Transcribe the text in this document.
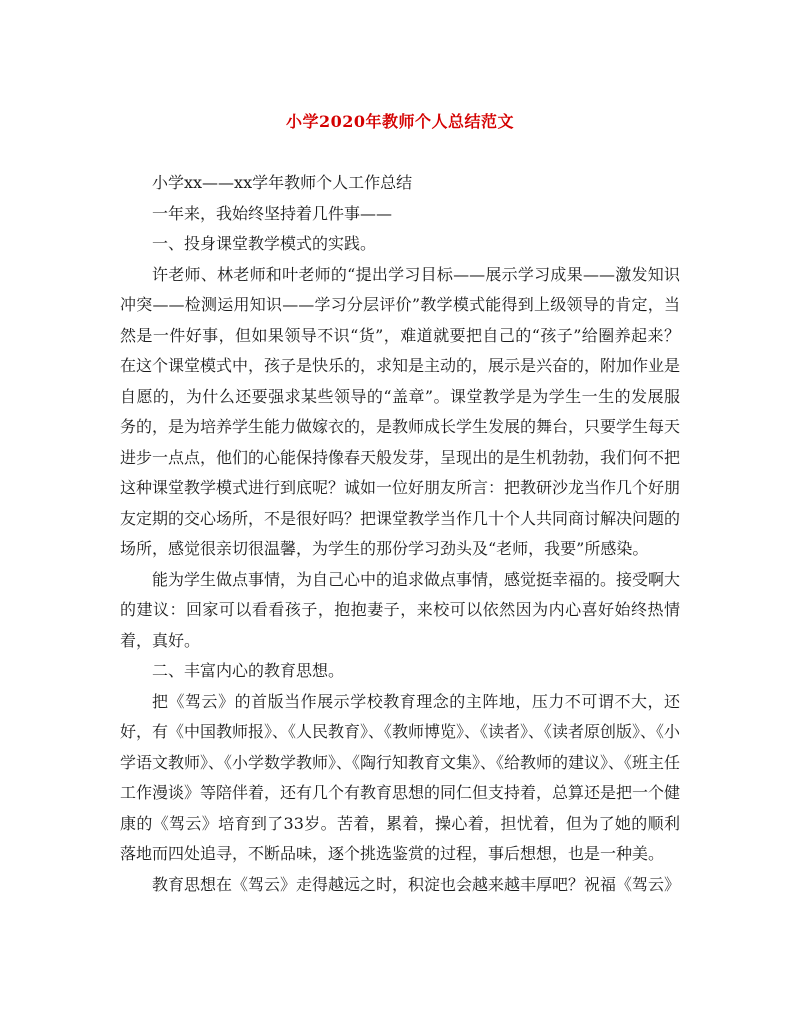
小学2020年教师个人总结范文

小学xx——xx学年教师个人工作总结

一年来，我始终坚持着几件事——

一、投身课堂教学模式的实践。

许老师、林老师和叶老师的“提出学习目标——展示学习成果——激发知识冲突——检测运用知识——学习分层评价”教学模式能得到上级领导的肯定，当然是一件好事，但如果领导不识“货”，难道就要把自己的“孩子”给圈养起来？在这个课堂模式中，孩子是快乐的，求知是主动的，展示是兴奋的，附加作业是自愿的，为什么还要强求某些领导的“盖章”。课堂教学是为学生一生的发展服务的，是为培养学生能力做嫁衣的，是教师成长学生发展的舞台，只要学生每天进步一点点，他们的心能保持像春天般发芽，呈现出的是生机勃勃，我们何不把这种课堂教学模式进行到底呢？诚如一位好朋友所言：把教研沙龙当作几个好朋友定期的交心场所，不是很好吗？把课堂教学当作几十个人共同商讨解决问题的场所，感觉很亲切很温馨，为学生的那份学习劲头及“老师，我要”所感染。

能为学生做点事情，为自己心中的追求做点事情，感觉挺幸福的。接受啊大的建议：回家可以看看孩子，抱抱妻子，来校可以依然因为内心喜好始终热情着，真好。

二、丰富内心的教育思想。

把《驾云》的首版当作展示学校教育理念的主阵地，压力不可谓不大，还好，有《中国教师报》、《人民教育》、《教师博览》、《读者》、《读者原创版》、《小学语文教师》、《小学数学教师》、《陶行知教育文集》、《给教师的建议》、《班主任工作漫谈》等陪伴着，还有几个有教育思想的同仁但支持着，总算还是把一个健康的《驾云》培育到了33岁。苦着，累着，操心着，担忧着，但为了她的顺利落地而四处追寻，不断品味，逐个挑选鉴赏的过程，事后想想，也是一种美。

教育思想在《驾云》走得越远之时，积淀也会越来越丰厚吧？祝福《驾云》
